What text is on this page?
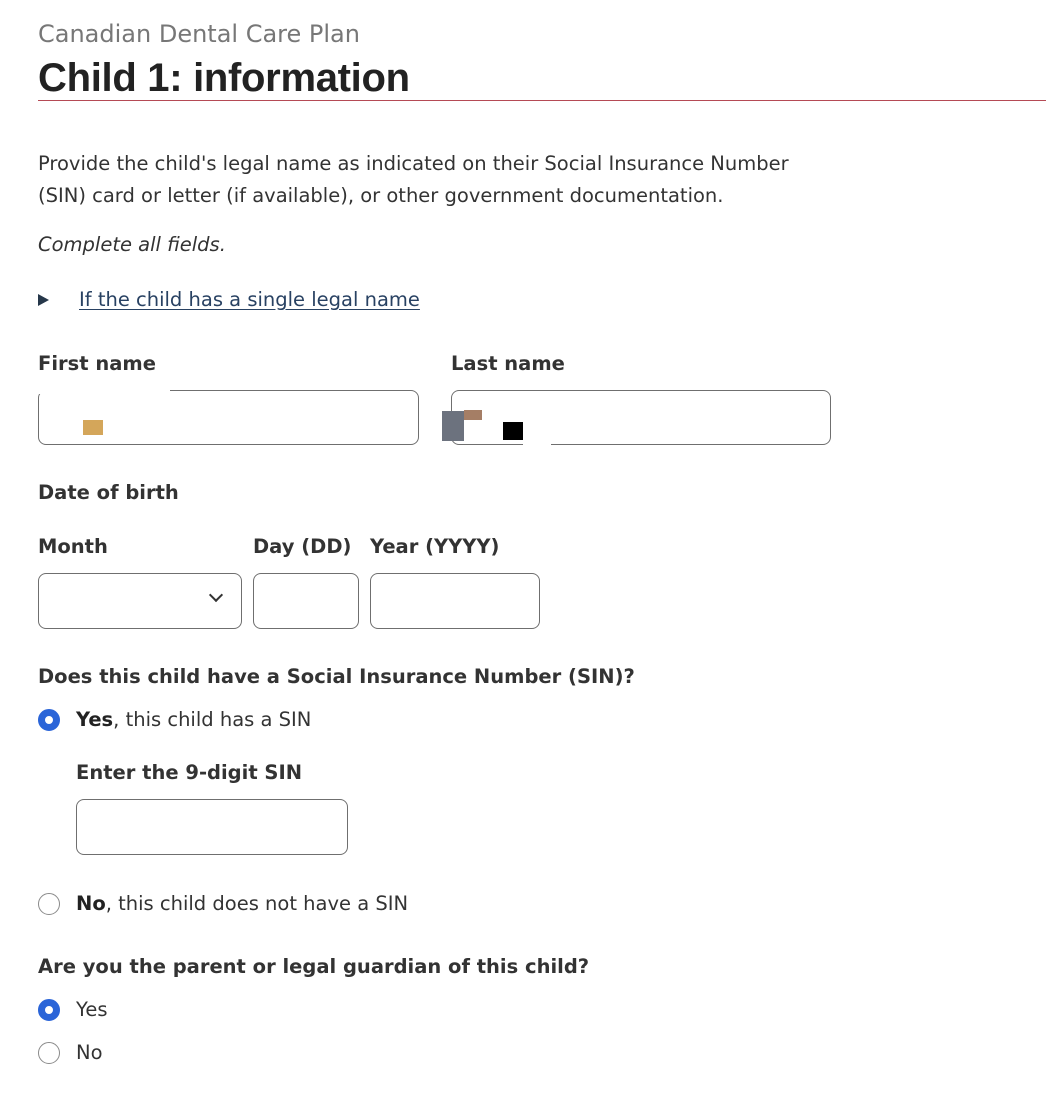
Canadian Dental Care Plan
Child 1: information
Provide the child's legal name as indicated on their Social Insurance Number (SIN) card or letter (if available), or other government documentation.
Complete all fields.
If the child has a single legal name
First name	Last name
Date of birth
Month	Day (DD) Year (YYYY)
Does this child have a Social Insurance Number (SIN)?
Yes, this child has a SIN
Enter the 9-digit SIN
No, this child does not have a SIN
Are you the parent or legal guardian of this child?
Yes
No
